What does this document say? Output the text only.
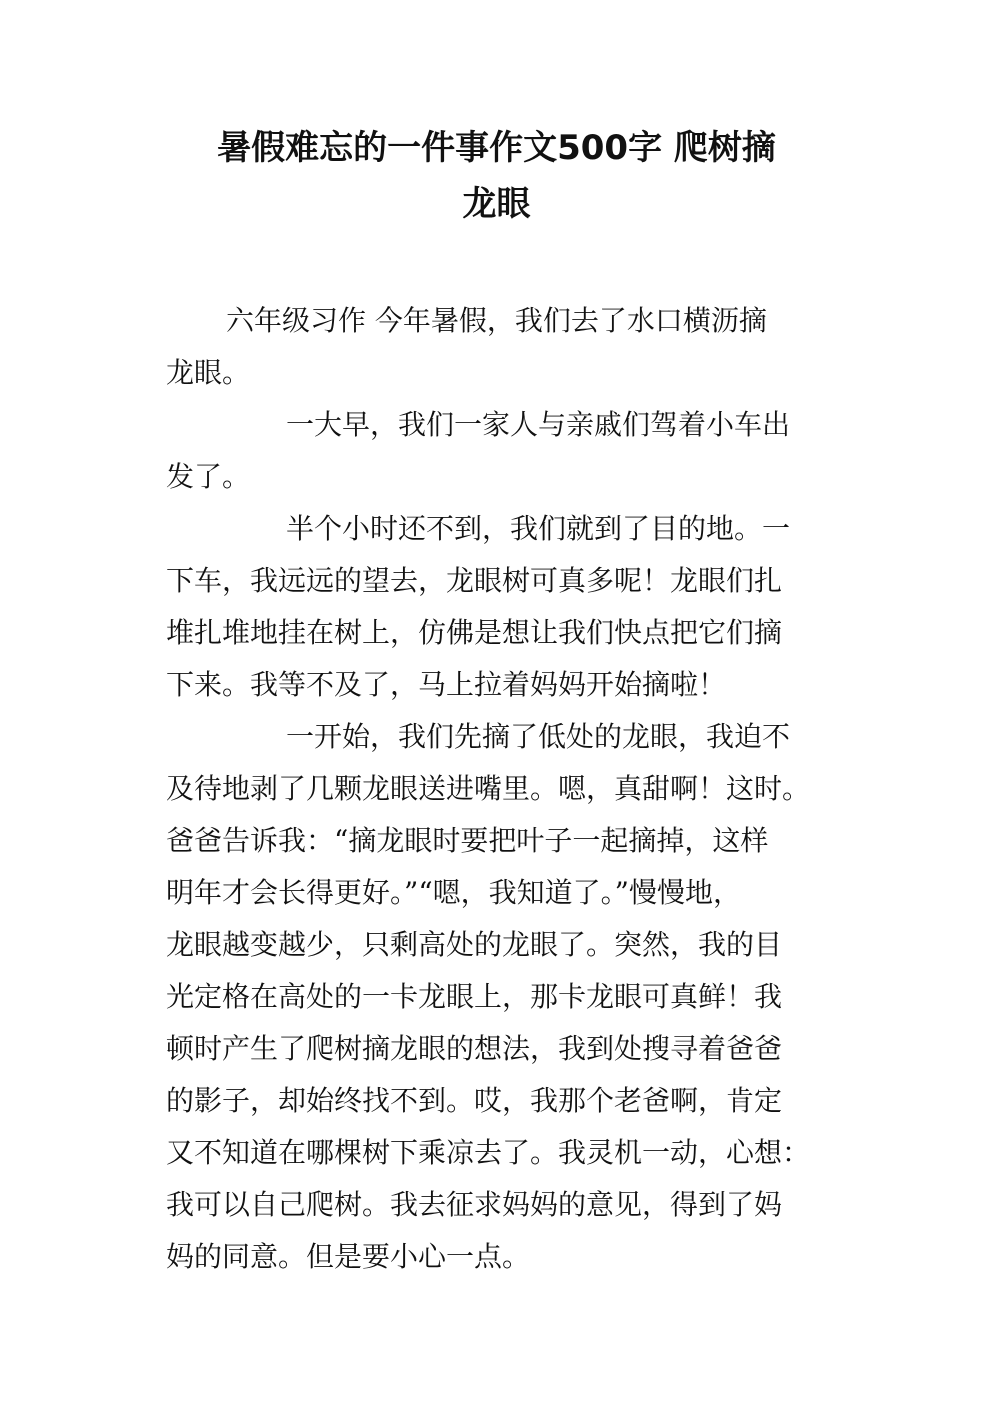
暑假难忘的一件事作文500字 爬树摘
龙眼
六年级习作 今年暑假，我们去了水口横沥摘
龙眼。
一大早，我们一家人与亲戚们驾着小车出
发了。
半个小时还不到，我们就到了目的地。一
下车，我远远的望去，龙眼树可真多呢！龙眼们扎
堆扎堆地挂在树上，仿佛是想让我们快点把它们摘
下来。我等不及了，马上拉着妈妈开始摘啦！
一开始，我们先摘了低处的龙眼，我迫不
及待地剥了几颗龙眼送进嘴里。嗯，真甜啊！这时。
爸爸告诉我：“摘龙眼时要把叶子一起摘掉，这样
明年才会长得更好。”“嗯，我知道了。”慢慢地，
龙眼越变越少，只剩高处的龙眼了。突然，我的目
光定格在高处的一卡龙眼上，那卡龙眼可真鲜！我
顿时产生了爬树摘龙眼的想法，我到处搜寻着爸爸
的影子，却始终找不到。哎，我那个老爸啊，肯定
又不知道在哪棵树下乘凉去了。我灵机一动，心想：
我可以自己爬树。我去征求妈妈的意见，得到了妈
妈的同意。但是要小心一点。
